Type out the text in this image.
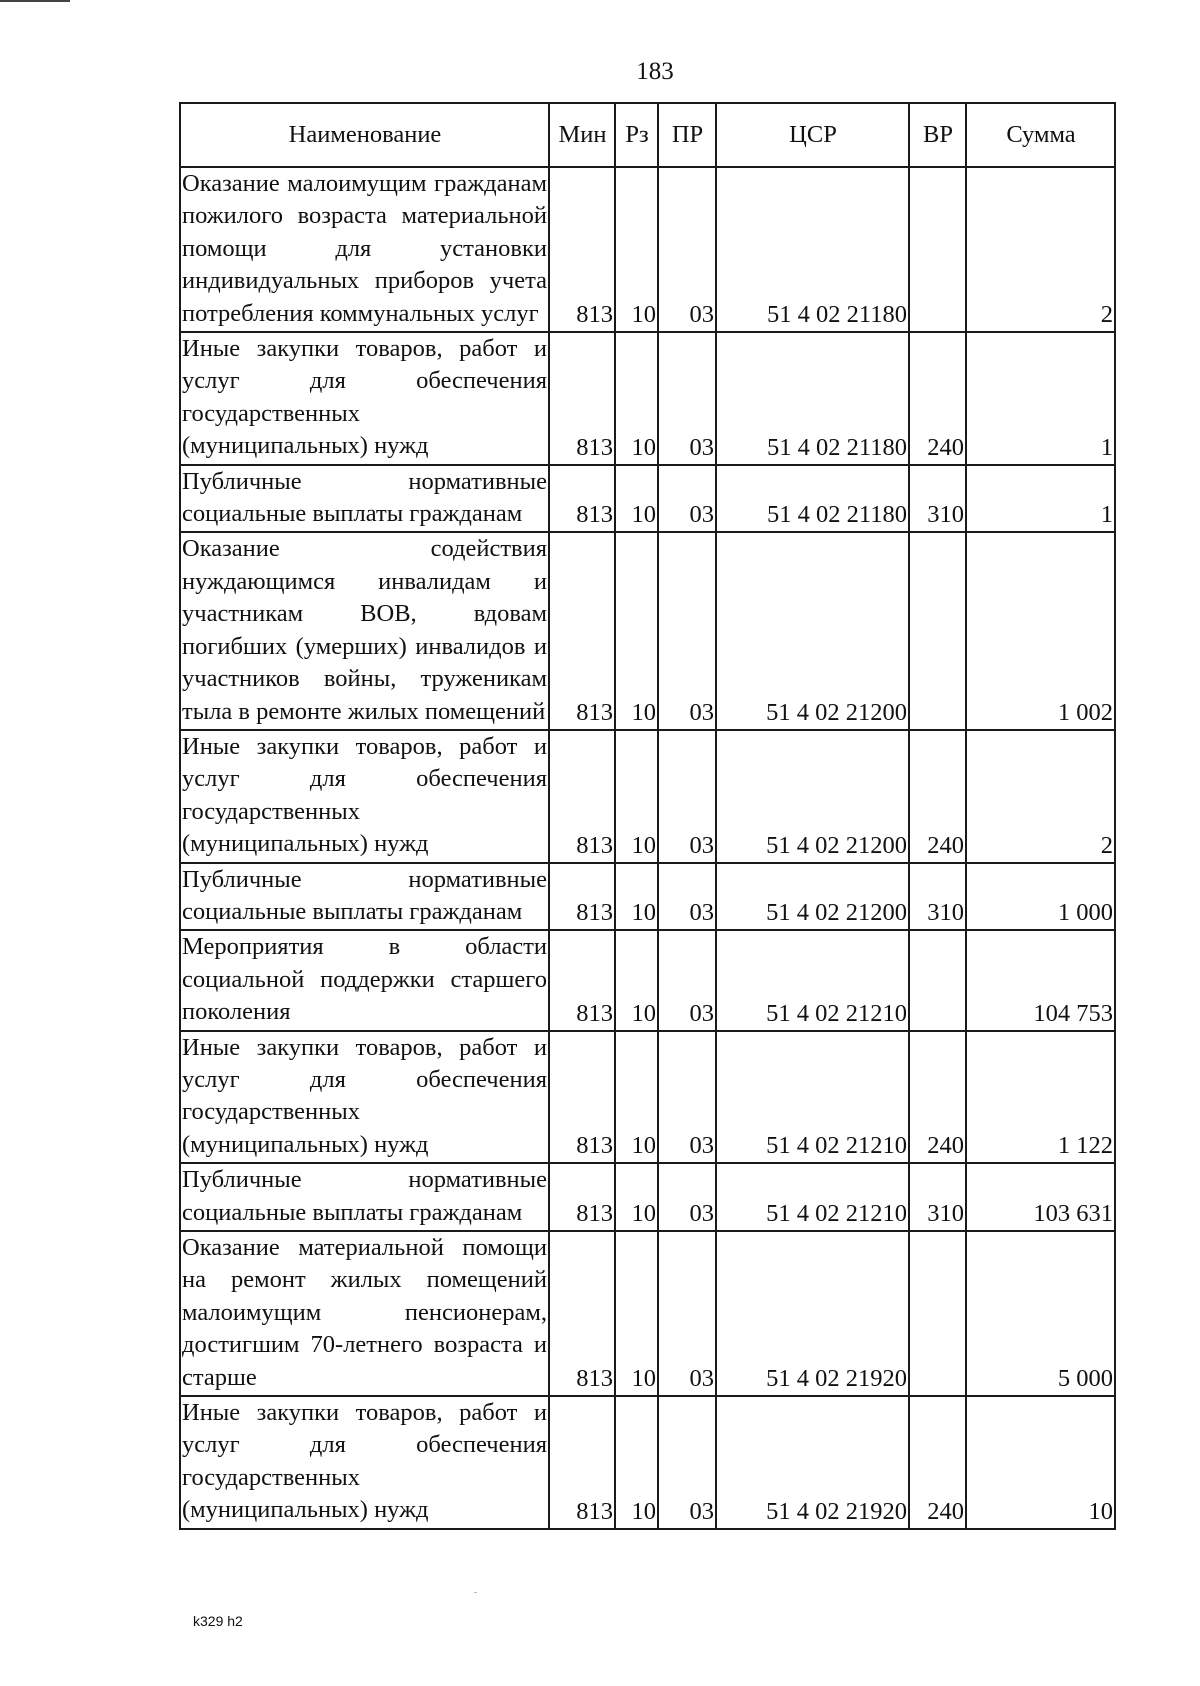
183
Наименование	Мин	Рз	ПР	ЦСР	ВР	Сумма
Оказание малоимущим гражданам пожилого возраста материальной помощи для установки индивидуальных приборов учета потребления коммунальных услуг	813	10	03	51 4 02 21180		2
Иные закупки товаров, работ и услуг для обеспечения государственных (муниципальных) нужд	813	10	03	51 4 02 21180	240	1
Публичные нормативные социальные выплаты гражданам	813	10	03	51 4 02 21180	310	1
Оказание содействия нуждающимся инвалидам и участникам ВОВ, вдовам погибших (умерших) инвалидов и участников войны, труженикам тыла в ремонте жилых помещений	813	10	03	51 4 02 21200		1 002
Иные закупки товаров, работ и услуг для обеспечения государственных (муниципальных) нужд	813	10	03	51 4 02 21200	240	2
Публичные нормативные социальные выплаты гражданам	813	10	03	51 4 02 21200	310	1 000
Мероприятия в области социальной поддержки старшего поколения	813	10	03	51 4 02 21210		104 753
Иные закупки товаров, работ и услуг для обеспечения государственных (муниципальных) нужд	813	10	03	51 4 02 21210	240	1 122
Публичные нормативные социальные выплаты гражданам	813	10	03	51 4 02 21210	310	103 631
Оказание материальной помощи на ремонт жилых помещений малоимущим пенсионерам, достигшим 70-летнего возраста и старше	813	10	03	51 4 02 21920		5 000
Иные закупки товаров, работ и услуг для обеспечения государственных (муниципальных) нужд	813	10	03	51 4 02 21920	240	10
k329 h2
